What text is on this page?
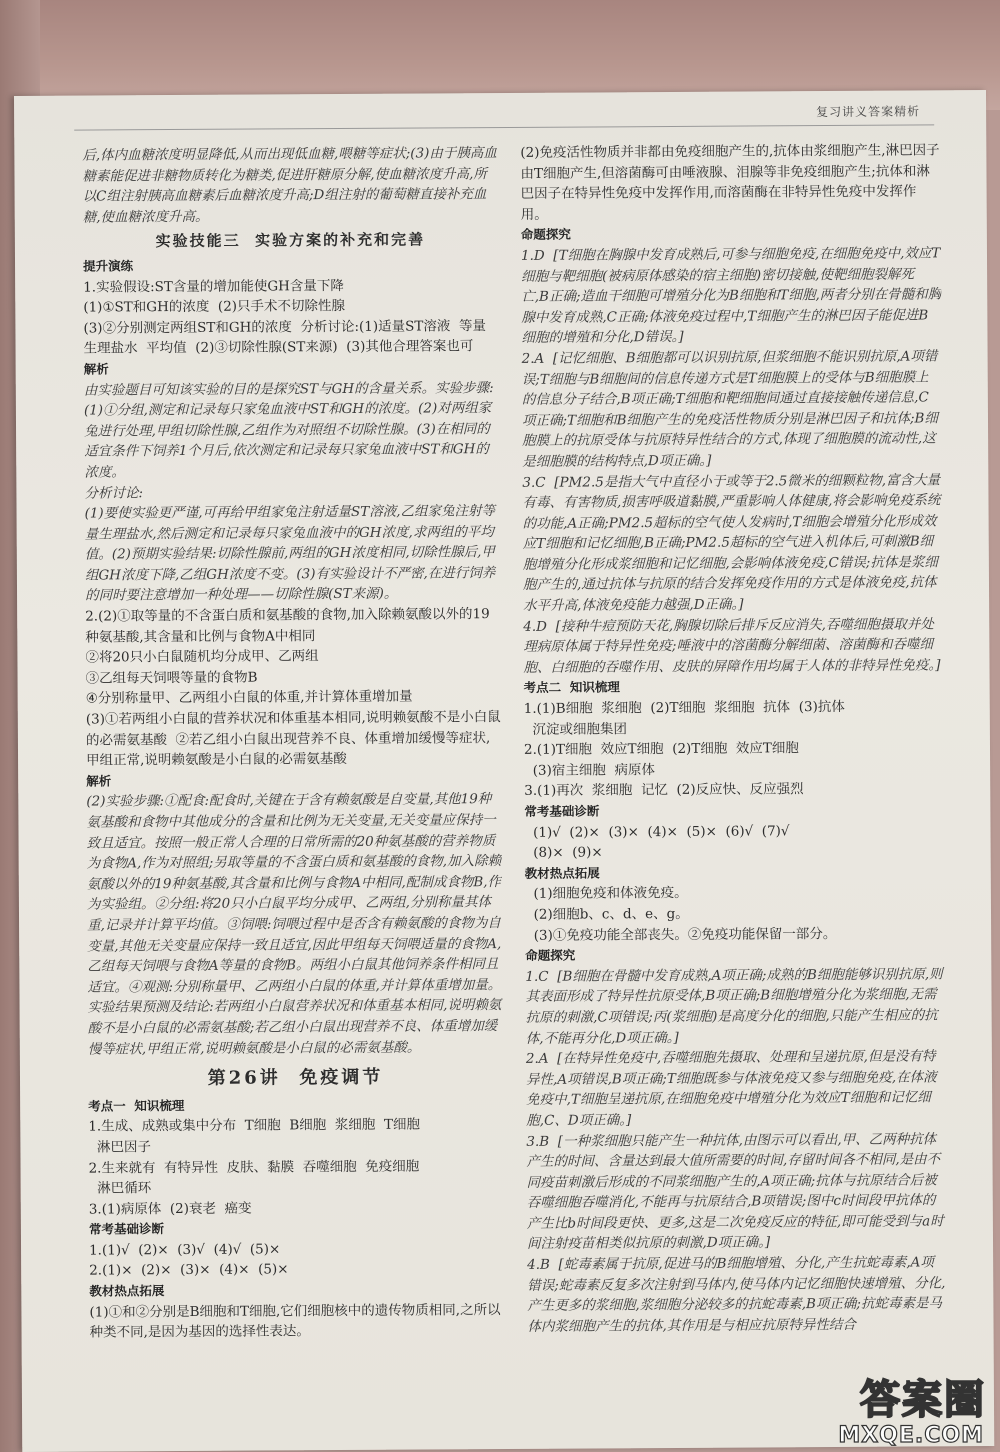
复习讲义答案精析

后,体内血糖浓度明显降低,从而出现低血糖,喂糖等症状;(3)由于胰高血糖素能促进非糖物质转化为糖类,促进肝糖原分解,使血糖浓度升高,所以C组注射胰高血糖素后血糖浓度升高;D组注射的葡萄糖直接补充血糖,使血糖浓度升高。

实验技能三  实验方案的补充和完善

提升演练

1.实验假设:ST含量的增加能使GH含量下降
(1)①ST和GH的浓度  (2)只手术不切除性腺
(3)②分别测定两组ST和GH的浓度  分析讨论:(1)适量ST溶液  等量生理盐水  平均值  (2)③切除性腺(ST来源)  (3)其他合理答案也可

解析

由实验题目可知该实验的目的是探究ST与GH的含量关系。实验步骤:(1)①分组,测定和记录每只家兔血液中ST和GH的浓度。(2)对两组家兔进行处理,甲组切除性腺,乙组作为对照组不切除性腺。(3)在相同的适宜条件下饲养1个月后,依次测定和记录每只家兔血液中ST和GH的浓度。
分析讨论:
(1)要使实验更严谨,可再给甲组家兔注射适量ST溶液,乙组家兔注射等量生理盐水,然后测定和记录每只家兔血液中的GH浓度,求两组的平均值。(2)预期实验结果:切除性腺前,两组的GH浓度相同,切除性腺后,甲组GH浓度下降,乙组GH浓度不变。(3)有实验设计不严密,在进行饲养的同时要注意增加一种处理——切除性腺(ST来源)。

2.(2)①取等量的不含蛋白质和氨基酸的食物,加入除赖氨酸以外的19种氨基酸,其含量和比例与食物A中相同
②将20只小白鼠随机均分成甲、乙两组
③乙组每天饲喂等量的食物B
④分别称量甲、乙两组小白鼠的体重,并计算体重增加量
(3)①若两组小白鼠的营养状况和体重基本相同,说明赖氨酸不是小白鼠的必需氨基酸  ②若乙组小白鼠出现营养不良、体重增加缓慢等症状,甲组正常,说明赖氨酸是小白鼠的必需氨基酸

解析

(2)实验步骤:①配食:配食时,关键在于含有赖氨酸是自变量,其他19种氨基酸和食物中其他成分的含量和比例为无关变量,无关变量应保持一致且适宜。按照一般正常人合理的日常所需的20种氨基酸的营养物质为食物A,作为对照组;另取等量的不含蛋白质和氨基酸的食物,加入除赖氨酸以外的19种氨基酸,其含量和比例与食物A中相同,配制成食物B,作为实验组。②分组:将20只小白鼠平均分成甲、乙两组,分别称量其体重,记录并计算平均值。③饲喂:饲喂过程中是否含有赖氨酸的食物为自变量,其他无关变量应保持一致且适宜,因此甲组每天饲喂适量的食物A,乙组每天饲喂与食物A等量的食物B。两组小白鼠其他饲养条件相同且适宜。④观测:分别称量甲、乙两组小白鼠的体重,并计算体重增加量。
实验结果预测及结论:若两组小白鼠营养状况和体重基本相同,说明赖氨酸不是小白鼠的必需氨基酸;若乙组小白鼠出现营养不良、体重增加缓慢等症状,甲组正常,说明赖氨酸是小白鼠的必需氨基酸。

第26讲  免疫调节

考点一  知识梳理

1.生成、成熟或集中分布  T细胞  B细胞  浆细胞  T细胞
淋巴因子
2.生来就有  有特异性  皮肤、黏膜  吞噬细胞  免疫细胞
淋巴循环
3.(1)病原体  (2)衰老  癌变

常考基础诊断

1.(1)√  (2)×  (3)√  (4)√  (5)×
2.(1)×  (2)×  (3)×  (4)×  (5)×

教材热点拓展

(1)①和②分别是B细胞和T细胞,它们细胞核中的遗传物质相同,之所以种类不同,是因为基因的选择性表达。

(2)免疫活性物质并非都由免疫细胞产生的,抗体由浆细胞产生,淋巴因子由T细胞产生,但溶菌酶可由唾液腺、泪腺等非免疫细胞产生;抗体和淋巴因子在特异性免疫中发挥作用,而溶菌酶在非特异性免疫中发挥作用。

命题探究

1.D  [T细胞在胸腺中发育成熟后,可参与细胞免疫,在细胞免疫中,效应T细胞与靶细胞(被病原体感染的宿主细胞)密切接触,使靶细胞裂解死亡,B正确;造血干细胞可增殖分化为B细胞和T细胞,两者分别在骨髓和胸腺中发育成熟,C正确;体液免疫过程中,T细胞产生的淋巴因子能促进B细胞的增殖和分化,D错误。]
2.A  [记忆细胞、B细胞都可以识别抗原,但浆细胞不能识别抗原,A项错误;T细胞与B细胞间的信息传递方式是T细胞膜上的受体与B细胞膜上的信息分子结合,B项正确;T细胞和靶细胞间通过直接接触传递信息,C项正确;T细胞和B细胞产生的免疫活性物质分别是淋巴因子和抗体;B细胞膜上的抗原受体与抗原特异性结合的方式,体现了细胞膜的流动性,这是细胞膜的结构特点,D项正确。]
3.C  [PM2.5是指大气中直径小于或等于2.5微米的细颗粒物,富含大量有毒、有害物质,损害呼吸道黏膜,严重影响人体健康,将会影响免疫系统的功能,A正确;PM2.5超标的空气使人发病时,T细胞会增殖分化形成效应T细胞和记忆细胞,B正确;PM2.5超标的空气进入机体后,可刺激B细胞增殖分化形成浆细胞和记忆细胞,会影响体液免疫,C错误;抗体是浆细胞产生的,通过抗体与抗原的结合发挥免疫作用的方式是体液免疫,抗体水平升高,体液免疫能力越强,D正确。]
4.D  [接种牛痘预防天花,胸腺切除后排斥反应消失,吞噬细胞摄取并处理病原体属于特异性免疫;唾液中的溶菌酶分解细菌、溶菌酶和吞噬细胞、白细胞的吞噬作用、皮肤的屏障作用均属于人体的非特异性免疫。]

考点二  知识梳理

1.(1)B细胞  浆细胞  (2)T细胞  浆细胞  抗体  (3)抗体
沉淀或细胞集团
2.(1)T细胞  效应T细胞  (2)T细胞  效应T细胞
(3)宿主细胞  病原体
3.(1)再次  浆细胞  记忆  (2)反应快、反应强烈

常考基础诊断

(1)√  (2)×  (3)×  (4)×  (5)×  (6)√  (7)√
(8)×  (9)×

教材热点拓展

(1)细胞免疫和体液免疫。
(2)细胞b、c、d、e、g。
(3)①免疫功能全部丧失。②免疫功能保留一部分。

命题探究

1.C  [B细胞在骨髓中发育成熟,A项正确;成熟的B细胞能够识别抗原,则其表面形成了特异性抗原受体,B项正确;B细胞增殖分化为浆细胞,无需抗原的刺激,C项错误;丙(浆细胞)是高度分化的细胞,只能产生相应的抗体,不能再分化,D项正确。]
2.A  [在特异性免疫中,吞噬细胞先摄取、处理和呈递抗原,但是没有特异性,A项错误,B项正确;T细胞既参与体液免疫又参与细胞免疫,在体液免疫中,T细胞呈递抗原,在细胞免疫中增殖分化为效应T细胞和记忆细胞,C、D项正确。]
3.B  [一种浆细胞只能产生一种抗体,由图示可以看出,甲、乙两种抗体产生的时间、含量达到最大值所需要的时间,存留时间各不相同,是由不同疫苗刺激后形成的不同浆细胞产生的,A项正确;抗体与抗原结合后被吞噬细胞吞噬消化,不能再与抗原结合,B项错误;图中c时间段甲抗体的产生比b时间段更快、更多,这是二次免疫反应的特征,即可能受到与a时间注射疫苗相类似抗原的刺激,D项正确。]
4.B  [蛇毒素属于抗原,促进马的B细胞增殖、分化,产生抗蛇毒素,A项错误;蛇毒素反复多次注射到马体内,使马体内记忆细胞快速增殖、分化,产生更多的浆细胞,浆细胞分泌较多的抗蛇毒素,B项正确;抗蛇毒素是马体内浆细胞产生的抗体,其作用是与相应抗原特异性结合

答案圈
MXQE.COM
